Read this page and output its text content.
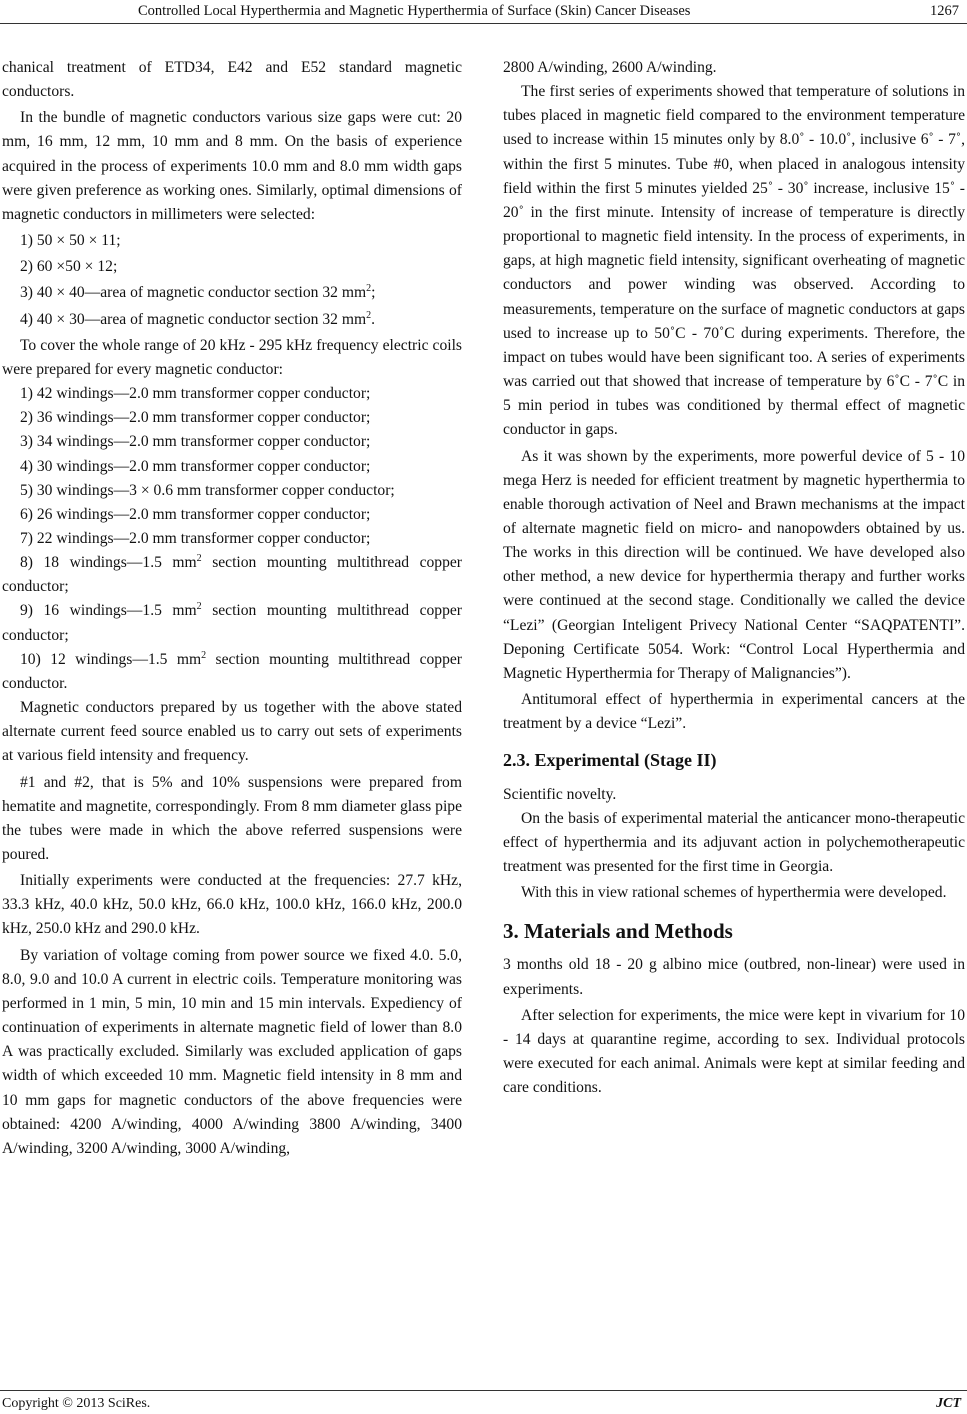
Controlled Local Hyperthermia and Magnetic Hyperthermia of Surface (Skin) Cancer Diseases	1267

chanical treatment of ETD34, E42 and E52 standard magnetic conductors.

In the bundle of magnetic conductors various size gaps were cut: 20 mm, 16 mm, 12 mm, 10 mm and 8 mm. On the basis of experience acquired in the process of experiments 10.0 mm and 8.0 mm width gaps were given preference as working ones. Similarly, optimal dimensions of magnetic conductors in millimeters were selected:

1) 50 × 50 × 11;

2) 60 ×50 × 12;

3) 40 × 40—area of magnetic conductor section 32 $mm^2$;

4) 40 × 30—area of magnetic conductor section 32 $mm^2$.

To cover the whole range of 20 kHz - 295 kHz frequency electric coils were prepared for every magnetic conductor:

1) 42 windings—2.0 mm transformer copper conductor;

2) 36 windings—2.0 mm transformer copper conductor;

3) 34 windings—2.0 mm transformer copper conductor;

4) 30 windings—2.0 mm transformer copper conductor;

5) 30 windings—3 × 0.6 mm transformer copper conductor;

6) 26 windings—2.0 mm transformer copper conductor;

7) 22 windings—2.0 mm transformer copper conductor;

8) 18 windings—1.5 $mm^2$ section mounting multithread copper conductor;

9) 16 windings—1.5 $mm^2$ section mounting multithread copper conductor;

10) 12 windings—1.5 $mm^2$ section mounting multithread copper conductor.

Magnetic conductors prepared by us together with the above stated alternate current feed source enabled us to carry out sets of experiments at various field intensity and frequency.

#1 and #2, that is 5% and 10% suspensions were prepared from hematite and magnetite, correspondingly. From 8 mm diameter glass pipe the tubes were made in which the above referred suspensions were poured.

Initially experiments were conducted at the frequencies: 27.7 kHz, 33.3 kHz, 40.0 kHz, 50.0 kHz, 66.0 kHz, 100.0 kHz, 166.0 kHz, 200.0 kHz, 250.0 kHz and 290.0 kHz.

By variation of voltage coming from power source we fixed 4.0. 5.0, 8.0, 9.0 and 10.0 A current in electric coils. Temperature monitoring was performed in 1 min, 5 min, 10 min and 15 min intervals. Expediency of continuation of experiments in alternate magnetic field of lower than 8.0 A was practically excluded. Similarly was excluded application of gaps width of which exceeded 10 mm. Magnetic field intensity in 8 mm and 10 mm gaps for magnetic conductors of the above frequencies were obtained: 4200 A/winding, 4000 A/winding 3800 A/winding, 3400 A/winding, 3200 A/winding, 3000 A/winding,

2800 A/winding, 2600 A/winding.

The first series of experiments showed that temperature of solutions in tubes placed in magnetic field compared to the environment temperature used to increase within 15 minutes only by 8.0˚ - 10.0˚, inclusive 6˚ - 7˚, within the first 5 minutes. Tube #0, when placed in analogous intensity field within the first 5 minutes yielded 25˚ - 30˚ increase, inclusive 15˚ - 20˚ in the first minute. Intensity of increase of temperature is directly proportional to magnetic field intensity. In the process of experiments, in gaps, at high magnetic field intensity, significant overheating of magnetic conductors and power winding was observed. According to measurements, temperature on the surface of magnetic conductors at gaps used to increase up to 50˚C - 70˚C during experiments. Therefore, the impact on tubes would have been significant too. A series of experiments was carried out that showed that increase of temperature by 6˚C - 7˚C in 5 min period in tubes was conditioned by thermal effect of magnetic conductor in gaps.

As it was shown by the experiments, more powerful device of 5 - 10 mega Herz is needed for efficient treatment by magnetic hyperthermia to enable thorough activation of Neel and Brawn mechanisms at the impact of alternate magnetic field on micro- and nanopowders obtained by us. The works in this direction will be continued. We have developed also other method, a new device for hyperthermia therapy and further works were continued at the second stage. Conditionally we called the device “Lezi” (Georgian Inteligent Privecy National Center “SAQPATENTI”. Deponing Certificate 5054. Work: “Control Local Hyperthermia and Magnetic Hyperthermia for Therapy of Malignancies”).

Antitumoral effect of hyperthermia in experimental cancers at the treatment by a device “Lezi”.

2.3. Experimental (Stage II)

Scientific novelty.

On the basis of experimental material the anticancer mono-therapeutic effect of hyperthermia and its adjuvant action in polychemotherapeutic treatment was presented for the first time in Georgia.

With this in view rational schemes of hyperthermia were developed.

3. Materials and Methods

3 months old 18 - 20 g albino mice (outbred, non-linear) were used in experiments.

After selection for experiments, the mice were kept in vivarium for 10 - 14 days at quarantine regime, according to sex. Individual protocols were executed for each animal. Animals were kept at similar feeding and care conditions.

Copyright © 2013 SciRes.	JCT
